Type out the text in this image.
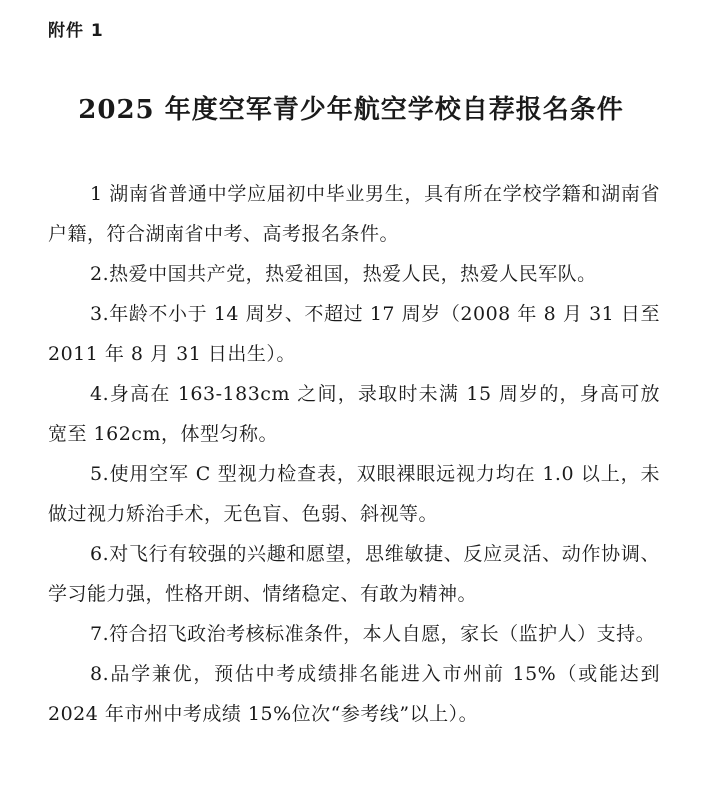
附件 1
2025 年度空军青少年航空学校自荐报名条件

1 湖南省普通中学应届初中毕业男生，具有所在学校学籍和湖南省户籍，符合湖南省中考、高考报名条件。

2.热爱中国共产党，热爱祖国，热爱人民，热爱人民军队。

3.年龄不小于 14 周岁、不超过 17 周岁（2008 年 8 月 31 日至 2011 年 8 月 31 日出生）。

4.身高在 163-183cm 之间，录取时未满 15 周岁的，身高可放宽至 162cm，体型匀称。

5.使用空军 C 型视力检查表，双眼裸眼远视力均在 1.0 以上，未做过视力矫治手术，无色盲、色弱、斜视等。

6.对飞行有较强的兴趣和愿望，思维敏捷、反应灵活、动作协调、学习能力强，性格开朗、情绪稳定、有敢为精神。

7.符合招飞政治考核标准条件，本人自愿，家长（监护人）支持。

8.品学兼优，预估中考成绩排名能进入市州前 15%（或能达到 2024 年市州中考成绩 15%位次“参考线”以上）。
